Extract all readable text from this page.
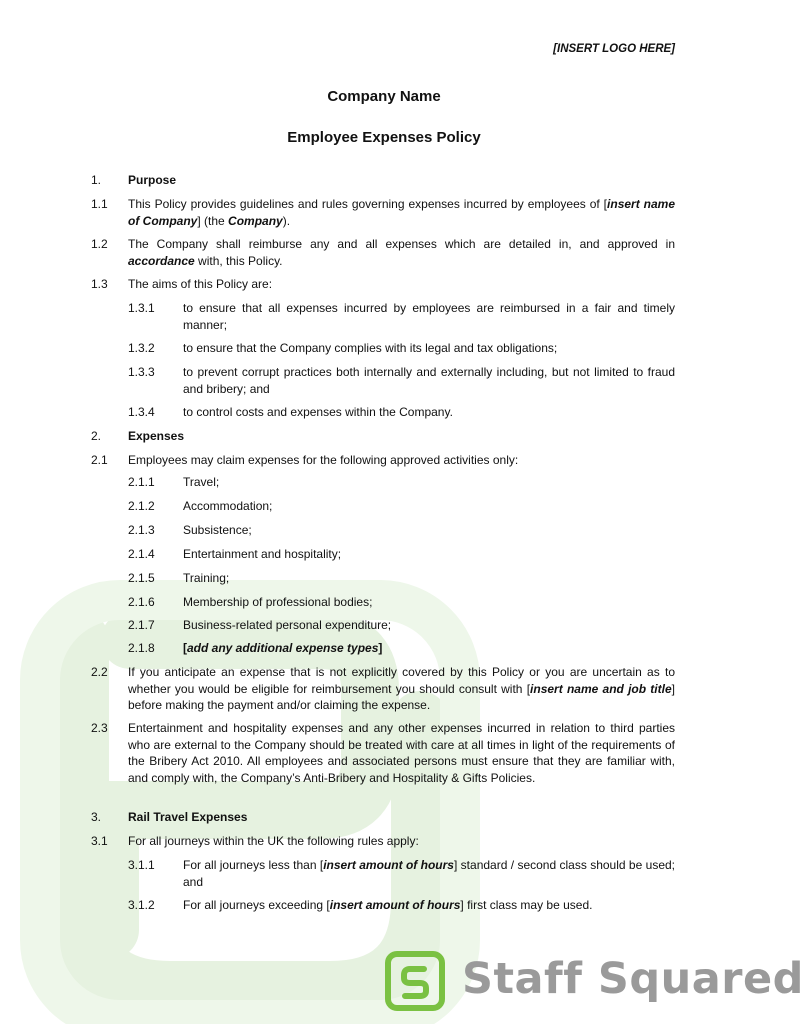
[INSERT LOGO HERE]
Company Name
Employee Expenses Policy
1. Purpose
1.1 This Policy provides guidelines and rules governing expenses incurred by employees of [insert name of Company] (the Company).
1.2 The Company shall reimburse any and all expenses which are detailed in, and approved in accordance with, this Policy.
1.3 The aims of this Policy are:
1.3.1 to ensure that all expenses incurred by employees are reimbursed in a fair and timely manner;
1.3.2 to ensure that the Company complies with its legal and tax obligations;
1.3.3 to prevent corrupt practices both internally and externally including, but not limited to fraud and bribery; and
1.3.4 to control costs and expenses within the Company.
2. Expenses
2.1 Employees may claim expenses for the following approved activities only:
2.1.1 Travel;
2.1.2 Accommodation;
2.1.3 Subsistence;
2.1.4 Entertainment and hospitality;
2.1.5 Training;
2.1.6 Membership of professional bodies;
2.1.7 Business-related personal expenditure;
2.1.8 [add any additional expense types]
2.2 If you anticipate an expense that is not explicitly covered by this Policy or you are uncertain as to whether you would be eligible for reimbursement you should consult with [insert name and job title] before making the payment and/or claiming the expense.
2.3 Entertainment and hospitality expenses and any other expenses incurred in relation to third parties who are external to the Company should be treated with care at all times in light of the requirements of the Bribery Act 2010. All employees and associated persons must ensure that they are familiar with, and comply with, the Company’s Anti-Bribery and Hospitality & Gifts Policies.
3. Rail Travel Expenses
3.1 For all journeys within the UK the following rules apply:
3.1.1 For all journeys less than [insert amount of hours] standard / second class should be used; and
3.1.2 For all journeys exceeding [insert amount of hours] first class may be used.
Staff Squared
